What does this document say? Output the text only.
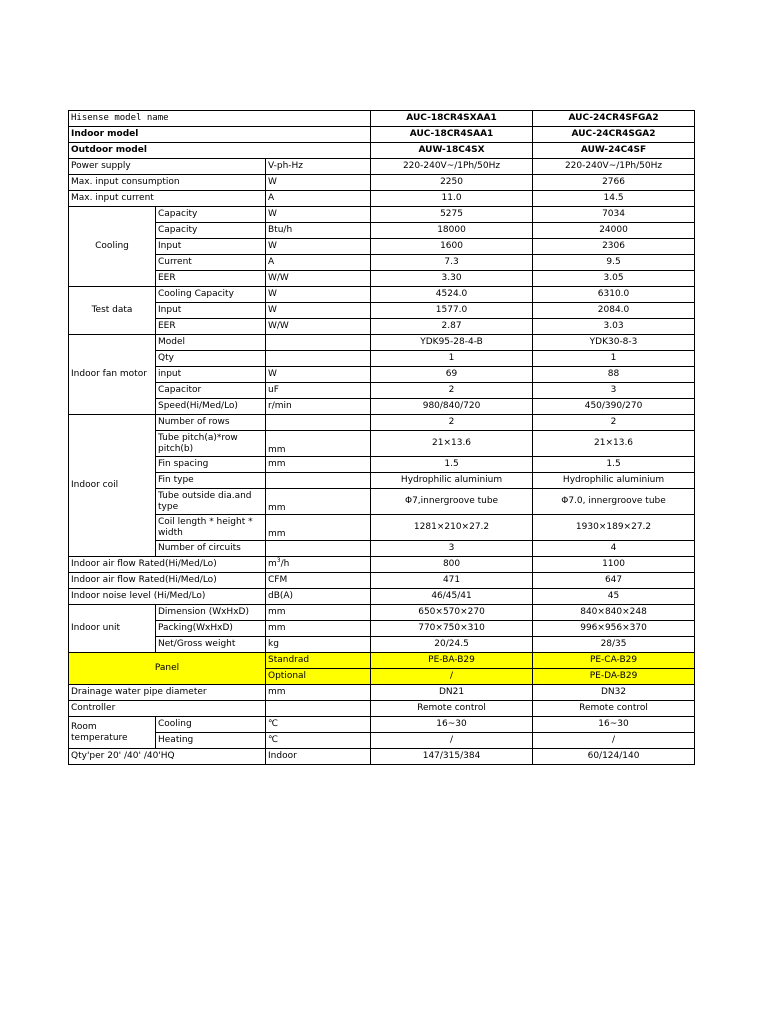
Hisense model name			AUC-18CR4SXAA1	AUC-24CR4SFGA2
Indoor model			AUC-18CR4SAA1	AUC-24CR4SGA2
Outdoor model			AUW-18C4SX	AUW-24C4SF
Power supply		V-ph-Hz	220-240V~/1Ph/50Hz	220-240V~/1Ph/50Hz
Max. input consumption		W	2250	2766
Max. input current		A	11.0	14.5
Cooling	Capacity	W	5275	7034
	Capacity	Btu/h	18000	24000
	Input	W	1600	2306
	Current	A	7.3	9.5
	EER	W/W	3.30	3.05
Test data	Cooling Capacity	W	4524.0	6310.0
	Input	W	1577.0	2084.0
	EER	W/W	2.87	3.03
Indoor fan motor	Model		YDK95-28-4-B	YDK30-8-3
	Qty		1	1
	input	W	69	88
	Capacitor	uF	2	3
	Speed(Hi/Med/Lo)	r/min	980/840/720	450/390/270
Indoor coil	Number of rows		2	2
	Tube pitch(a)*row pitch(b)	mm	21×13.6	21×13.6
	Fin spacing	mm	1.5	1.5
	Fin type		Hydrophilic aluminium	Hydrophilic aluminium
	Tube outside dia.and type	mm	Φ7,innergroove tube	Φ7.0, innergroove tube
	Coil length * height * width	mm	1281×210×27.2	1930×189×27.2
	Number of circuits		3	4
Indoor air flow Rated(Hi/Med/Lo)		$m^3/h$	800	1100
Indoor air flow Rated(Hi/Med/Lo)		CFM	471	647
Indoor noise level (Hi/Med/Lo)		dB(A)	46/45/41	45
Indoor unit	Dimension (WxHxD)	mm	650×570×270	840×840×248
	Packing(WxHxD)	mm	770×750×310	996×956×370
	Net/Gross weight	kg	20/24.5	28/35
Panel		Standrad	PE-BA-B29	PE-CA-B29
		Optional	/	PE-DA-B29
Drainage water pipe diameter		mm	DN21	DN32
Controller			Remote control	Remote control
Room temperature	Cooling	℃	16~30	16~30
	Heating	℃	/	/
Qty'per 20' /40' /40'HQ		Indoor	147/315/384	60/124/140
